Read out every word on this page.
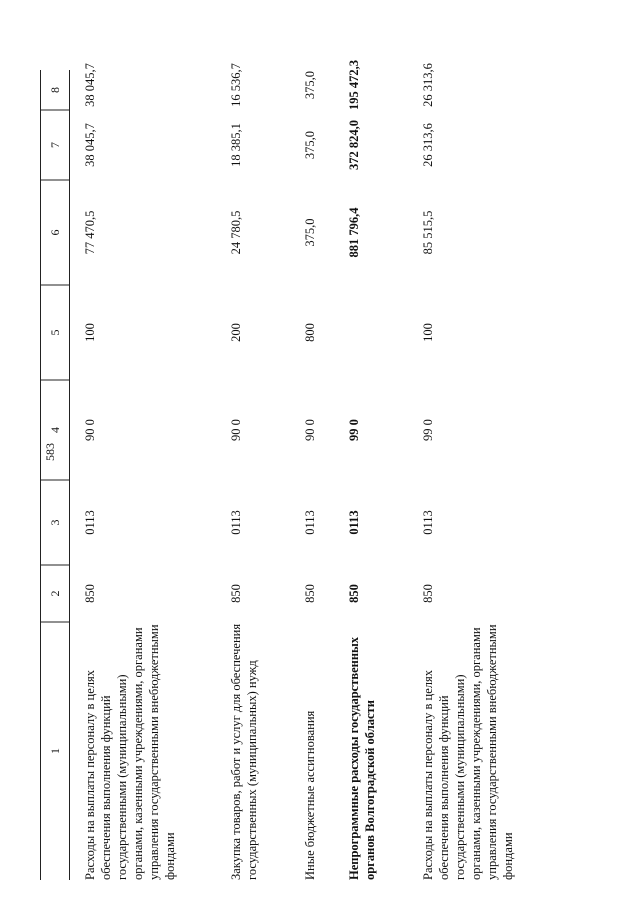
583
1
2
3
4
5
6
7
8
Расходы на выплаты персоналу в целях обеспечения выполнения функций государственными (муниципальными) органами, казенными учреждениями, органами управления государственными внебюджетными фондами
850
0113
90 0
100
77 470,5
38 045,7
38 045,7
Закупка товаров, работ и услуг для обеспечения государственных (муниципальных) нужд
850
0113
90 0
200
24 780,5
18 385,1
16 536,7
Иные бюджетные ассигнования
850
0113
90 0
800
375,0
375,0
375,0
Непрограммные расходы государственных органов Волгоградской области
850
0113
99 0
881 796,4
372 824,0
195 472,3
Расходы на выплаты персоналу в целях обеспечения выполнения функций государственными (муниципальными) органами, казенными учреждениями, органами управления государственными внебюджетными фондами
850
0113
99 0
100
85 515,5
26 313,6
26 313,6
